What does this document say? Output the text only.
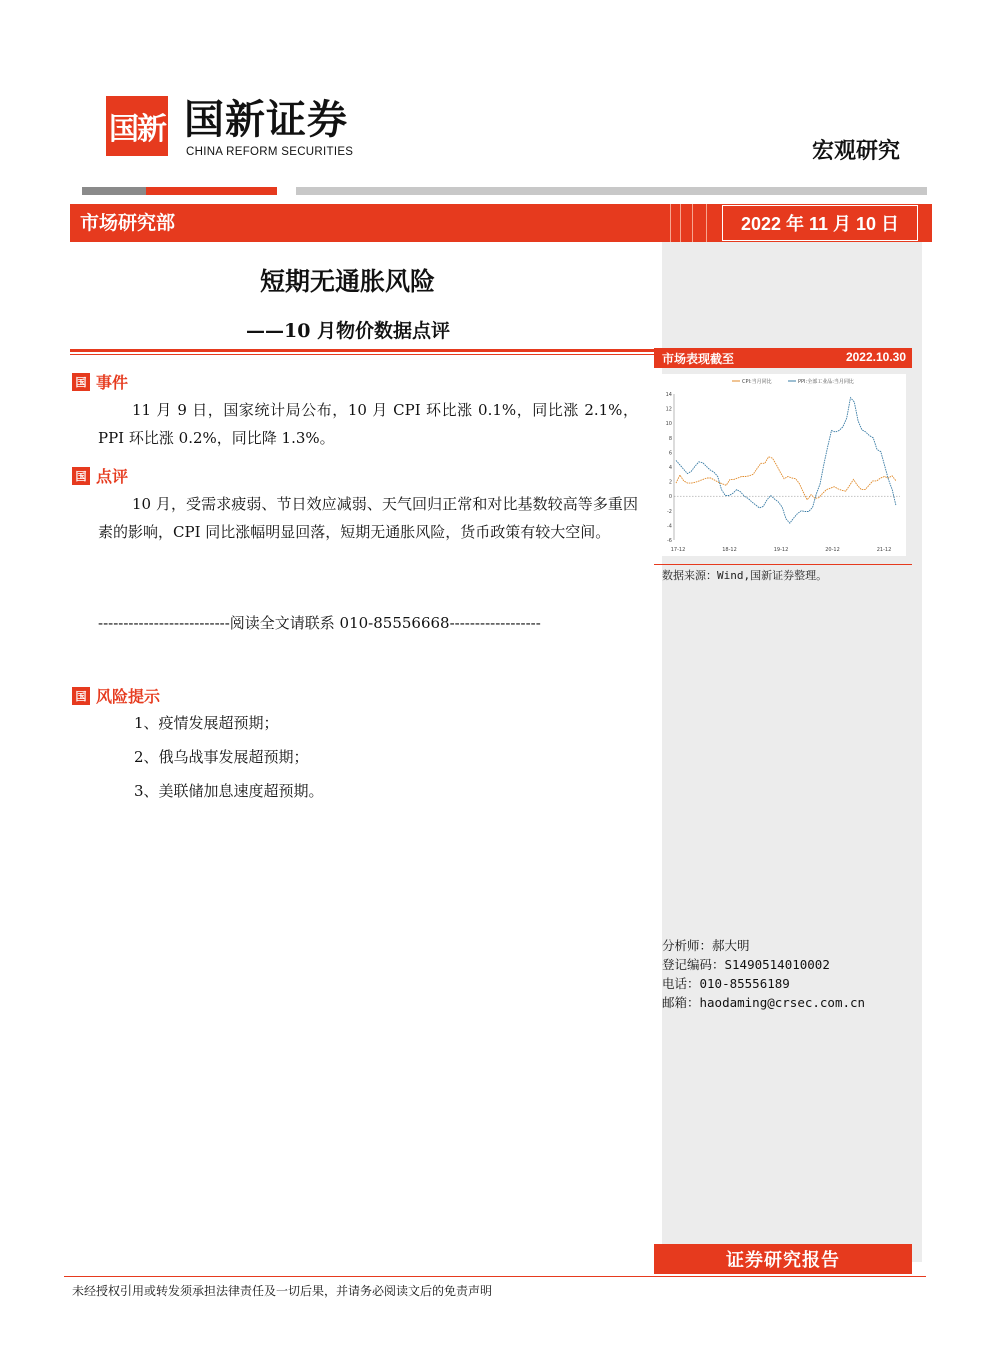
国新 国新证券
CHINA REFORM SECURITIES	宏观研究
市场研究部	2022 年 11 月 10 日
短期无通胀风险
——10 月物价数据点评
国 事件
11 月 9 日，国家统计局公布，10 月 CPI 环比涨 0.1%，同比涨 2.1%，PPI 环比涨 0.2%，同比降 1.3%。
国 点评
10 月，受需求疲弱、节日效应减弱、天气回归正常和对比基数较高等多重因素的影响，CPI 同比涨幅明显回落，短期无通胀风险，货币政策有较大空间。
--------------------------阅读全文请联系 010-85556668------------------
国 风险提示
1、疫情发展超预期；
2、俄乌战事发展超预期；
3、美联储加息速度超预期。
市场表现截至	2022.10.30
14
12
10
8
6
4
2
0
-2
-4
-6
17-12	18-12	19-12	20-12	21-12
CPI:当月同比	PPI:全部工业品:当月同比
数据来源：Wind,国新证券整理。
分析师：郝大明
登记编码：S1490514010002
电话：010-85556189
邮箱：haodaming@crsec.com.cn
证券研究报告
未经授权引用或转发须承担法律责任及一切后果，并请务必阅读文后的免责声明
